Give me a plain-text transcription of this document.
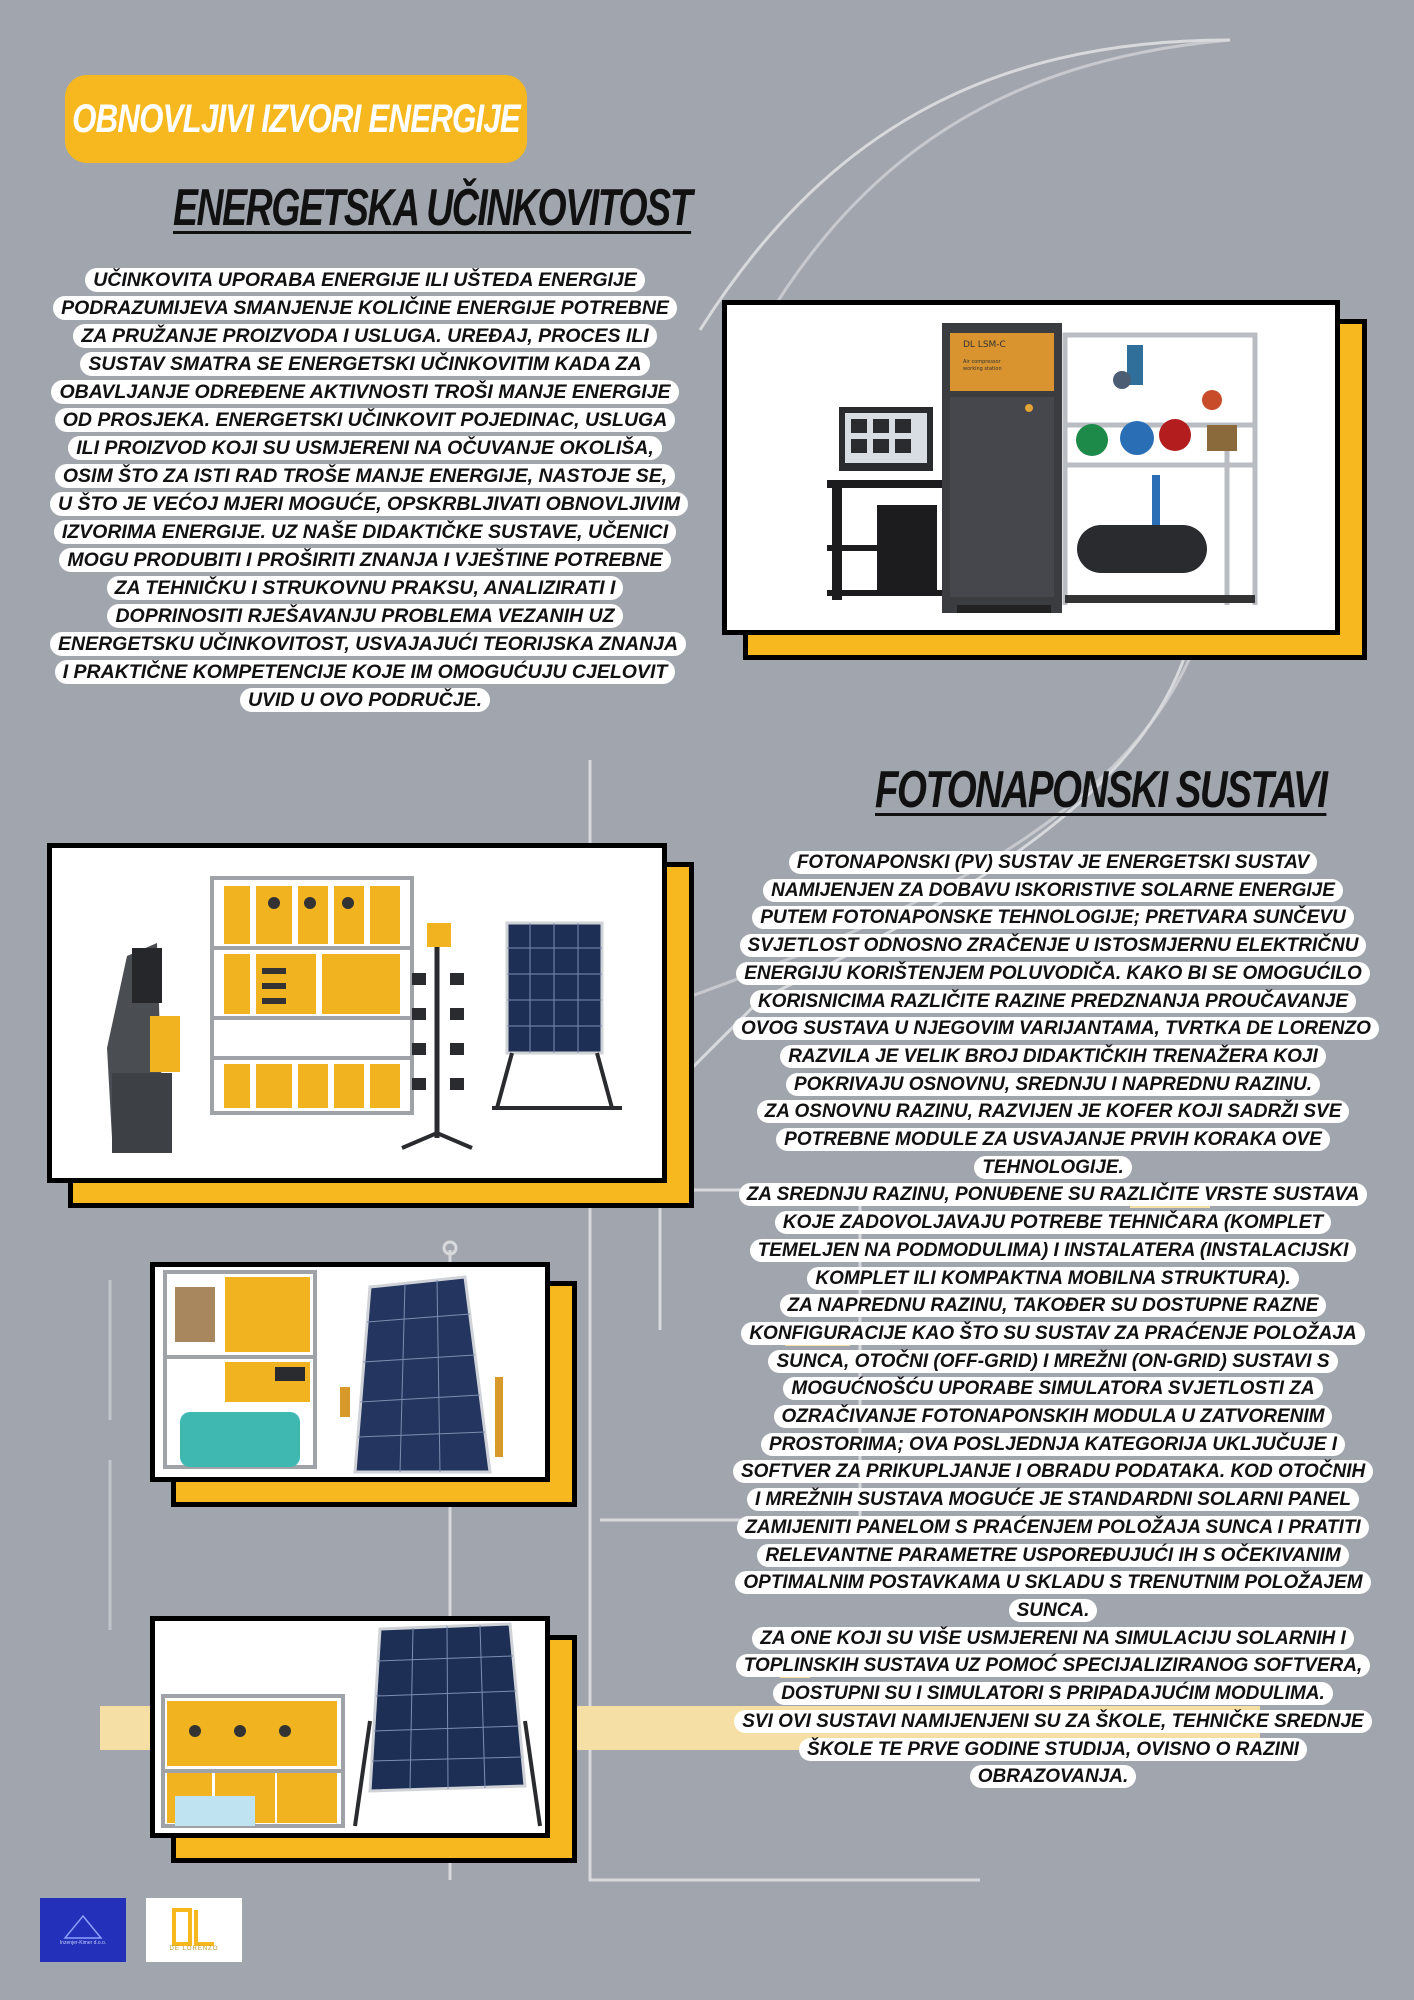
OBNOVLJIVI IZVORI ENERGIJE
ENERGETSKA UČINKOVITOST

UČINKOVITA UPORABA ENERGIJE ILI UŠTEDA ENERGIJE PODRAZUMIJEVA SMANJENJE KOLIČINE ENERGIJE POTREBNE ZA PRUŽANJE PROIZVODA I USLUGA. UREĐAJ, PROCES ILI SUSTAV SMATRA SE ENERGETSKI UČINKOVITIM KADA ZA OBAVLJANJE ODREĐENE AKTIVNOSTI TROŠI MANJE ENERGIJE OD PROSJEKA. ENERGETSKI UČINKOVIT POJEDINAC, USLUGA ILI PROIZVOD KOJI SU USMJERENI NA OČUVANJE OKOLIŠA, OSIM ŠTO ZA ISTI RAD TROŠE MANJE ENERGIJE, NASTOJE SE, U ŠTO JE VEĆOJ MJERI MOGUĆE, OPSKRBLJIVATI OBNOVLJIVIM IZVORIMA ENERGIJE. UZ NAŠE DIDAKTIČKE SUSTAVE, UČENICI MOGU PRODUBITI I PROŠIRITI ZNANJA I VJEŠTINE POTREBNE ZA TEHNIČKU I STRUKOVNU PRAKSU, ANALIZIRATI I DOPRINOSITI RJEŠAVANJU PROBLEMA VEZANIH UZ ENERGETSKU UČINKOVITOST, USVAJAJUĆI TEORIJSKA ZNANJA I PRAKTIČNE KOMPETENCIJE KOJE IM OMOGUĆUJU CJELOVIT UVID U OVO PODRUČJE.

DL LSM-C
Air compressor
working station
FOTONAPONSKI SUSTAVI

FOTONAPONSKI (PV) SUSTAV JE ENERGETSKI SUSTAV NAMIJENJEN ZA DOBAVU ISKORISTIVE SOLARNE ENERGIJE PUTEM FOTONAPONSKE TEHNOLOGIJE; PRETVARA SUNČEVU SVJETLOST ODNOSNO ZRAČENJE U ISTOSMJERNU ELEKTRIČNU ENERGIJU KORIŠTENJEM POLUVODIČA. KAKO BI SE OMOGUĆILO KORISNICIMA RAZLIČITE RAZINE PREDZNANJA PROUČAVANJE OVOG SUSTAVA U NJEGOVIM VARIJANTAMA, TVRTKA DE LORENZO RAZVILA JE VELIK BROJ DIDAKTIČKIH TRENAŽERA KOJI POKRIVAJU OSNOVNU, SREDNJU I NAPREDNU RAZINU.

ZA OSNOVNU RAZINU, RAZVIJEN JE KOFER KOJI SADRŽI SVE POTREBNE MODULE ZA USVAJANJE PRVIH KORAKA OVE TEHNOLOGIJE.

ZA SREDNJU RAZINU, PONUĐENE SU RAZLIČITE VRSTE SUSTAVA KOJE ZADOVOLJAVAJU POTREBE TEHNIČARA (KOMPLET TEMELJEN NA PODMODULIMA) I INSTALATERA (INSTALACIJSKI KOMPLET ILI KOMPAKTNA MOBILNA STRUKTURA).

ZA NAPREDNU RAZINU, TAKOĐER SU DOSTUPNE RAZNE KONFIGURACIJE KAO ŠTO SU SUSTAV ZA PRAĆENJE POLOŽAJA SUNCA, OTOČNI (OFF-GRID) I MREŽNI (ON-GRID) SUSTAVI S MOGUĆNOŠĆU UPORABE SIMULATORA SVJETLOSTI ZA OZRAČIVANJE FOTONAPONSKIH MODULA U ZATVORENIM PROSTORIMA; OVA POSLJEDNJA KATEGORIJA UKLJUČUJE I SOFTVER ZA PRIKUPLJANJE I OBRADU PODATAKA. KOD OTOČNIH I MREŽNIH SUSTAVA MOGUĆE JE STANDARDNI SOLARNI PANEL ZAMIJENITI PANELOM S PRAĆENJEM POLOŽAJA SUNCA I PRATITI RELEVANTNE PARAMETRE USPOREĐUJUĆI IH S OČEKIVANIM OPTIMALNIM POSTAVKAMA U SKLADU S TRENUTNIM POLOŽAJEM SUNCA.

ZA ONE KOJI SU VIŠE USMJERENI NA SIMULACIJU SOLARNIH I TOPLINSKIH SUSTAVA UZ POMOĆ SPECIJALIZIRANOG SOFTVERA, DOSTUPNI SU I SIMULATORI S PRIPADAJUĆIM MODULIMA.

SVI OVI SUSTAVI NAMIJENJENI SU ZA ŠKOLE, TEHNIČKE SREDNJE ŠKOLE TE PRVE GODINE STUDIJA, OVISNO O RAZINI OBRAZOVANJA.

Inzenjer-Kimer d.o.o.
DE LORENZO
